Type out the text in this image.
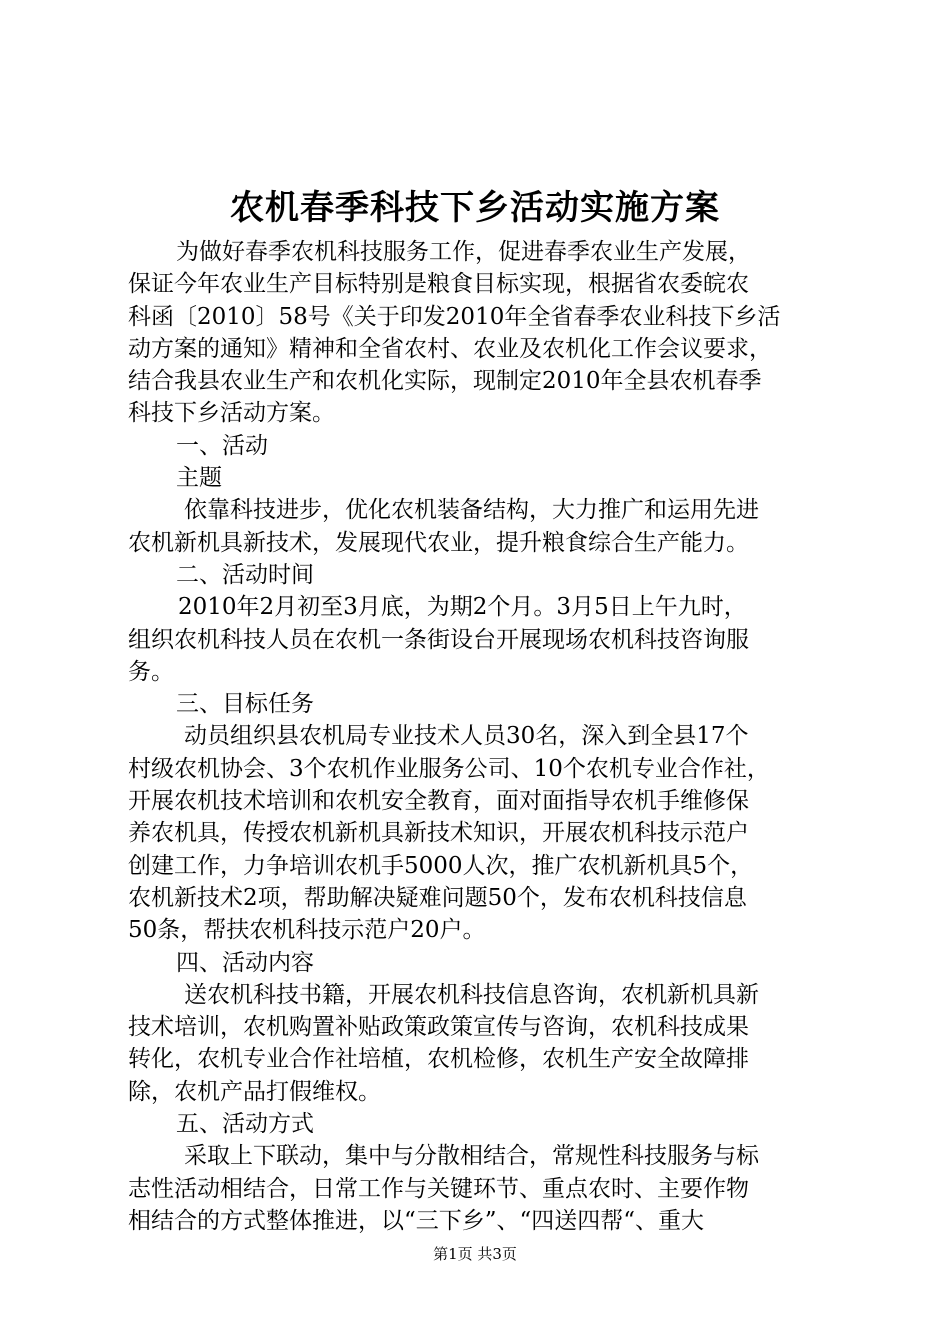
农机春季科技下乡活动实施方案
为做好春季农机科技服务工作，促进春季农业生产发展，
保证今年农业生产目标特别是粮食目标实现，根据省农委皖农
科函〔2010〕58号《关于印发2010年全省春季农业科技下乡活
动方案的通知》精神和全省农村、农业及农机化工作会议要求，
结合我县农业生产和农机化实际，现制定2010年全县农机春季
科技下乡活动方案。
一、活动
主题
依靠科技进步，优化农机装备结构，大力推广和运用先进
农机新机具新技术，发展现代农业，提升粮食综合生产能力。
二、活动时间
2010年2月初至3月底，为期2个月。3月5日上午九时，
组织农机科技人员在农机一条街设台开展现场农机科技咨询服
务。
三、目标任务
动员组织县农机局专业技术人员30名，深入到全县17个
村级农机协会、3个农机作业服务公司、10个农机专业合作社，
开展农机技术培训和农机安全教育，面对面指导农机手维修保
养农机具，传授农机新机具新技术知识，开展农机科技示范户
创建工作，力争培训农机手5000人次，推广农机新机具5个，
农机新技术2项，帮助解决疑难问题50个，发布农机科技信息
50条，帮扶农机科技示范户20户。
四、活动内容
送农机科技书籍，开展农机科技信息咨询，农机新机具新
技术培训，农机购置补贴政策政策宣传与咨询，农机科技成果
转化，农机专业合作社培植，农机检修，农机生产安全故障排
除，农机产品打假维权。
五、活动方式
采取上下联动，集中与分散相结合，常规性科技服务与标
志性活动相结合，日常工作与关键环节、重点农时、主要作物
相结合的方式整体推进，以“三下乡”、“四送四帮“、重大
第1页 共3页
